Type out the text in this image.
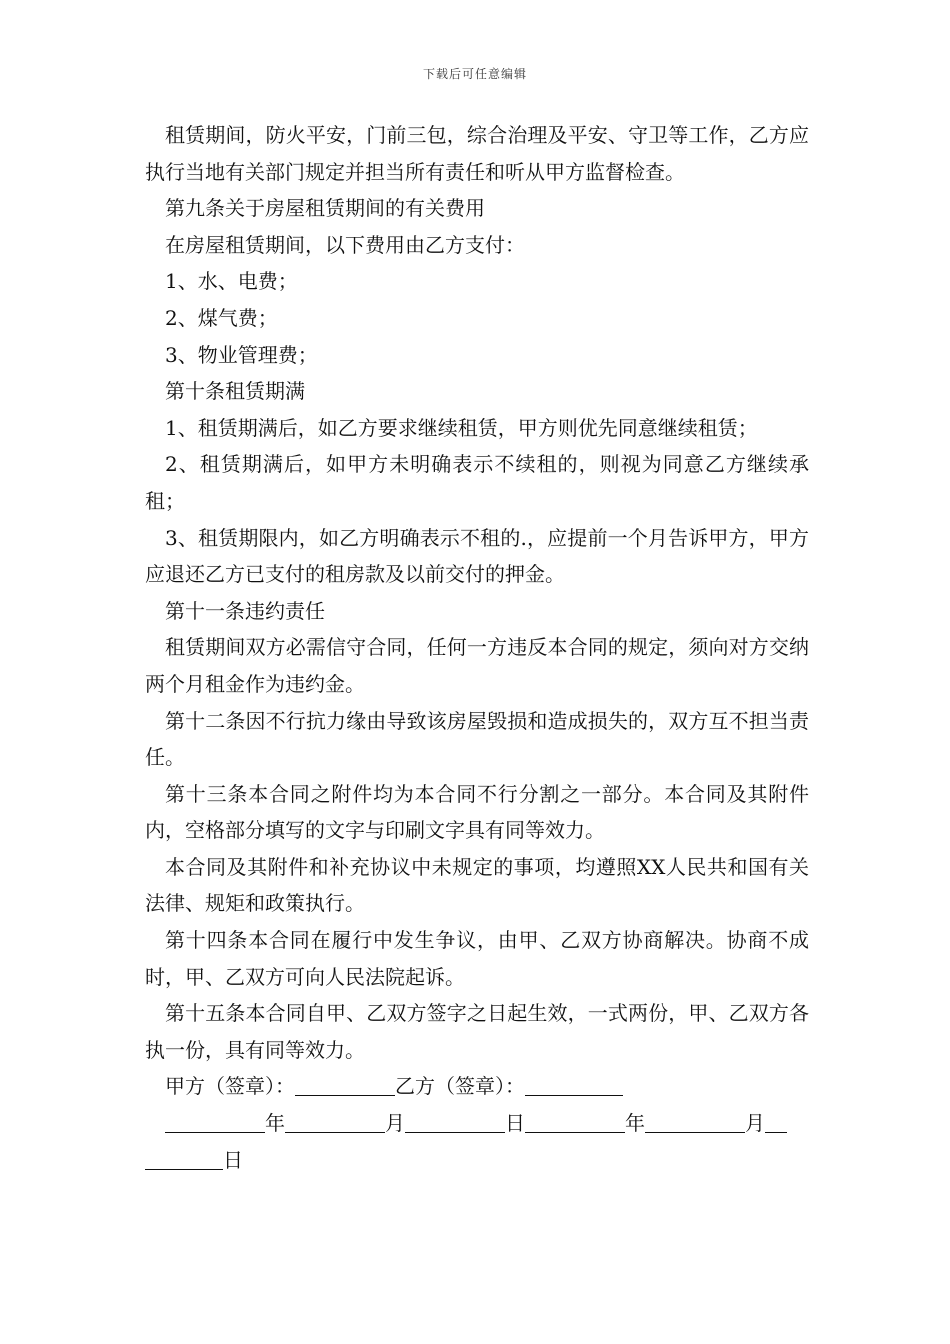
下载后可任意编辑

租赁期间，防火平安，门前三包，综合治理及平安、守卫等工作，乙方应执行当地有关部门规定并担当所有责任和听从甲方监督检查。

第九条关于房屋租赁期间的有关费用

在房屋租赁期间，以下费用由乙方支付：

1、水、电费；

2、煤气费；

3、物业管理费；

第十条租赁期满

1、租赁期满后，如乙方要求继续租赁，甲方则优先同意继续租赁；

2、租赁期满后，如甲方未明确表示不续租的，则视为同意乙方继续承租；

3、租赁期限内，如乙方明确表示不租的.，应提前一个月告诉甲方，甲方应退还乙方已支付的租房款及以前交付的押金。

第十一条违约责任

租赁期间双方必需信守合同，任何一方违反本合同的规定，须向对方交纳两个月租金作为违约金。

第十二条因不行抗力缘由导致该房屋毁损和造成损失的，双方互不担当责任。

第十三条本合同之附件均为本合同不行分割之一部分。本合同及其附件内，空格部分填写的文字与印刷文字具有同等效力。

本合同及其附件和补充协议中未规定的事项，均遵照XX人民共和国有关法律、规矩和政策执行。

第十四条本合同在履行中发生争议，由甲、乙双方协商解决。协商不成时，甲、乙双方可向人民法院起诉。

第十五条本合同自甲、乙双方签字之日起生效，一式两份，甲、乙双方各执一份，具有同等效力。

甲方（签章）：	乙方（签章）：

年	月	日	年	月
日
